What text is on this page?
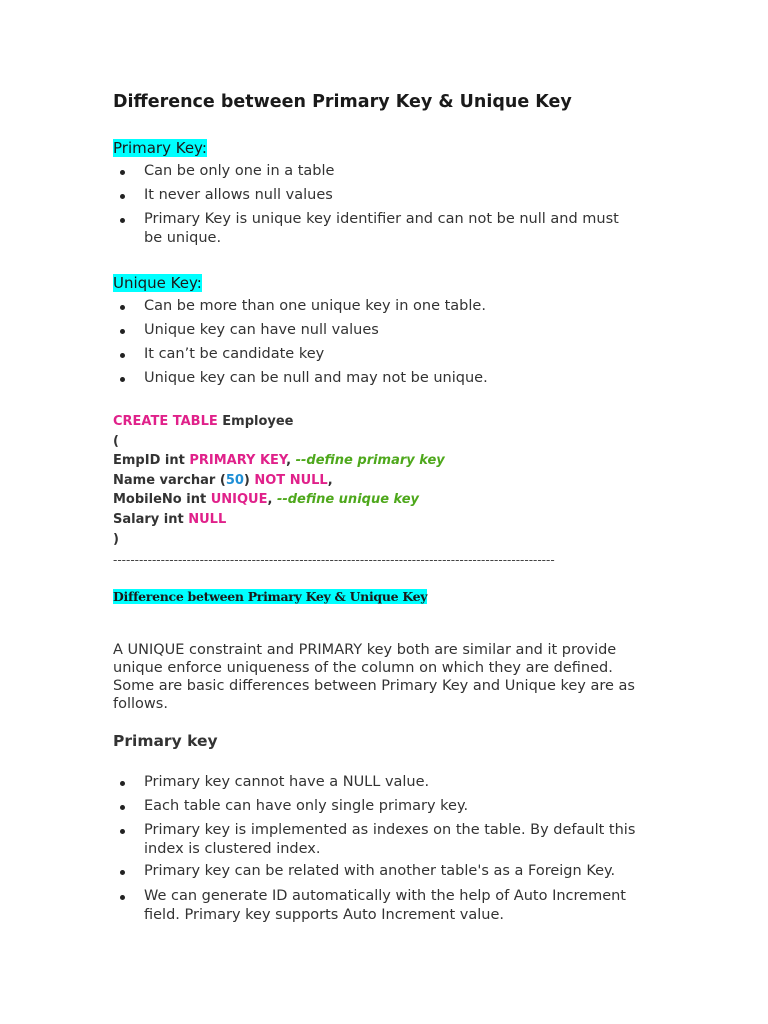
Difference between Primary Key & Unique Key
Primary Key:
Can be only one in a table
It never allows null values
Primary Key is unique key identifier and can not be null and must
be unique.
Unique Key:
Can be more than one unique key in one table.
Unique key can have null values
It can’t be candidate key
Unique key can be null and may not be unique.
CREATE TABLE Employee
(
EmpID int PRIMARY KEY, --define primary key
Name varchar (50) NOT NULL,
MobileNo int UNIQUE, --define unique key
Salary int NULL
)
------------------------------------------------------------------------------------------------------
Difference between Primary Key & Unique Key
A UNIQUE constraint and PRIMARY key both are similar and it provide
unique enforce uniqueness of the column on which they are defined.
Some are basic differences between Primary Key and Unique key are as
follows.
Primary key
Primary key cannot have a NULL value.
Each table can have only single primary key.
Primary key is implemented as indexes on the table. By default this
index is clustered index.
Primary key can be related with another table's as a Foreign Key.
We can generate ID automatically with the help of Auto Increment
field. Primary key supports Auto Increment value.
